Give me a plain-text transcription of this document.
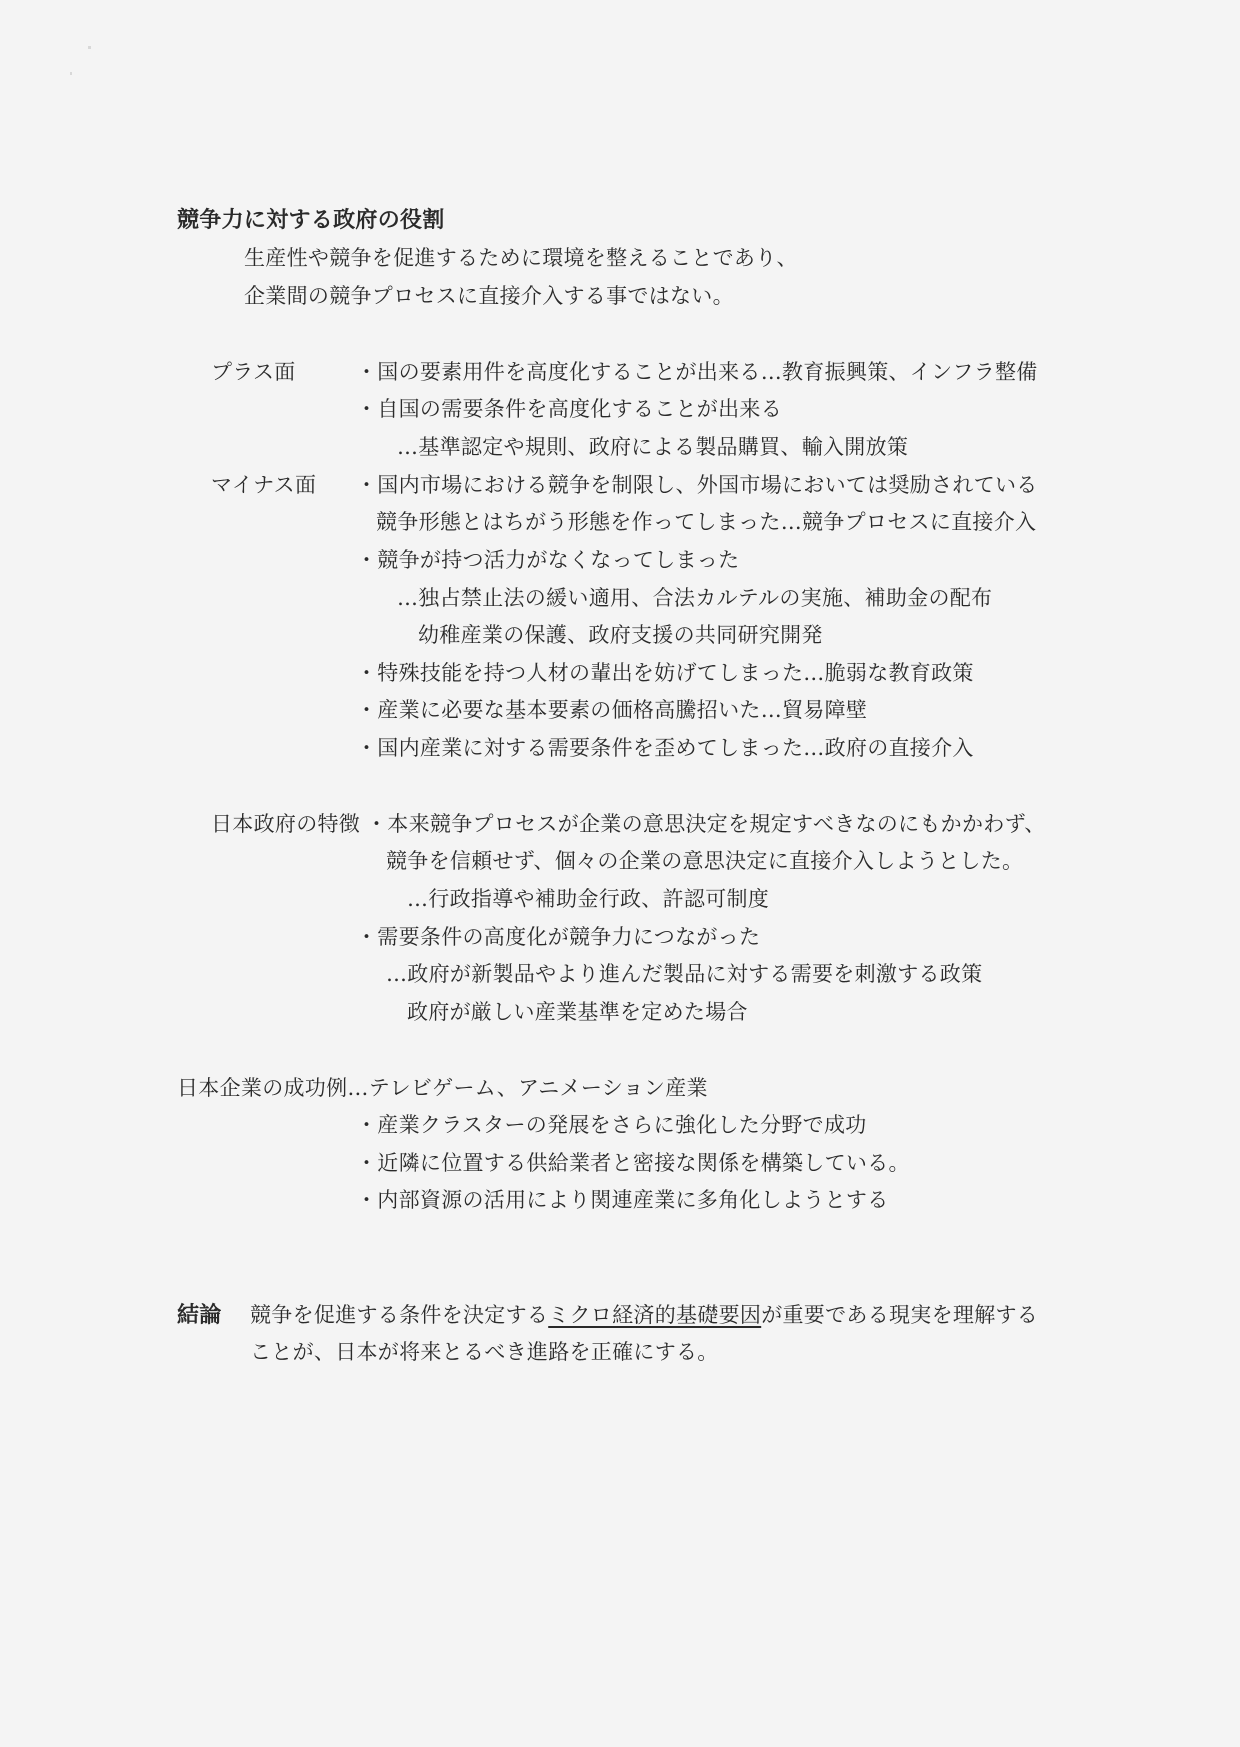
競争力に対する政府の役割
生産性や競争を促進するために環境を整えることであり、
企業間の競争プロセスに直接介入する事ではない。
プラス面	・国の要素用件を高度化することが出来る…教育振興策、インフラ整備
・自国の需要条件を高度化することが出来る
…基準認定や規則、政府による製品購買、輸入開放策
マイナス面 ・国内市場における競争を制限し、外国市場においては奨励されている
競争形態とはちがう形態を作ってしまった…競争プロセスに直接介入
・競争が持つ活力がなくなってしまった
…独占禁止法の緩い適用、合法カルテルの実施、補助金の配布
幼稚産業の保護、政府支援の共同研究開発
・特殊技能を持つ人材の輩出を妨げてしまった…脆弱な教育政策
・産業に必要な基本要素の価格高騰招いた…貿易障壁
・国内産業に対する需要条件を歪めてしまった…政府の直接介入
日本政府の特徴 ・本来競争プロセスが企業の意思決定を規定すべきなのにもかかわず、
競争を信頼せず、個々の企業の意思決定に直接介入しようとした。
…行政指導や補助金行政、許認可制度
・需要条件の高度化が競争力につながった
…政府が新製品やより進んだ製品に対する需要を刺激する政策
政府が厳しい産業基準を定めた場合
日本企業の成功例…テレビゲーム、アニメーション産業
・産業クラスターの発展をさらに強化した分野で成功
・近隣に位置する供給業者と密接な関係を構築している。
・内部資源の活用により関連産業に多角化しようとする
結論 競争を促進する条件を決定するミクロ経済的基礎要因が重要である現実を理解する
ことが、日本が将来とるべき進路を正確にする。
